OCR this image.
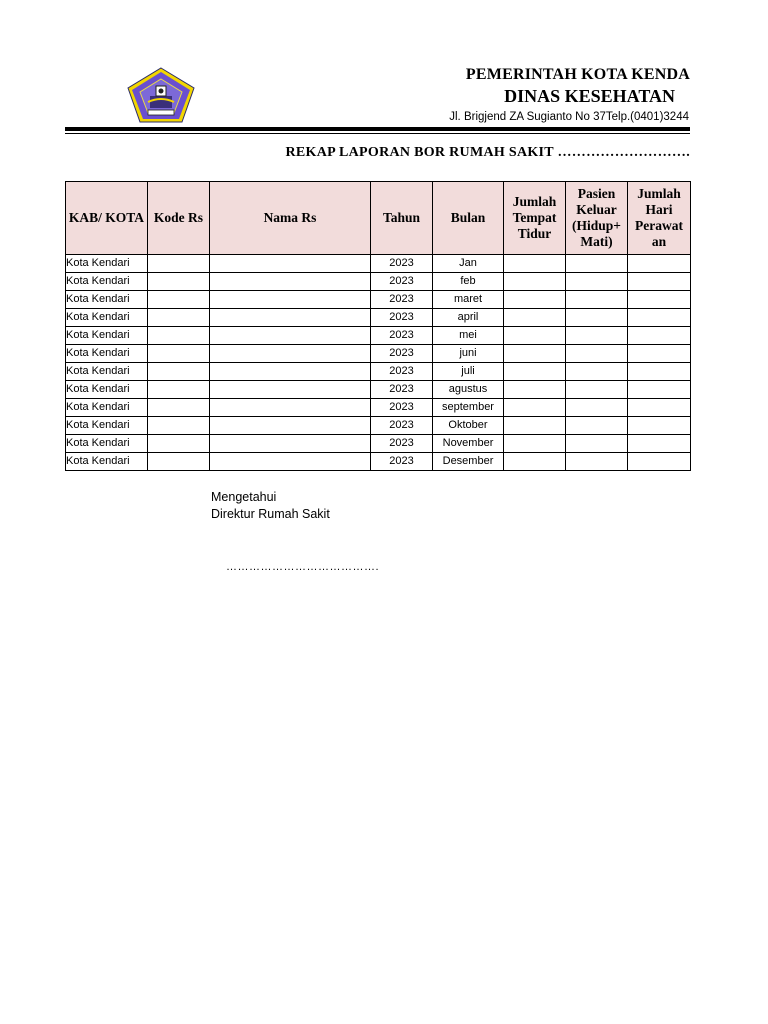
PEMERINTAH KOTA KENDA
DINAS KESEHATAN
Jl. Brigjend ZA Sugianto No 37Telp.(0401)3244
REKAP LAPORAN BOR RUMAH SAKIT ……………………….
KAB/ KOTA	Kode Rs	Nama Rs	Tahun	Bulan	Jumlah Tempat Tidur	Pasien Keluar (Hidup+ Mati)	Jumlah Hari Perawat an
Kota Kendari			2023	Jan			
Kota Kendari			2023	feb			
Kota Kendari			2023	maret			
Kota Kendari			2023	april			
Kota Kendari			2023	mei			
Kota Kendari			2023	juni			
Kota Kendari			2023	juli			
Kota Kendari			2023	agustus			
Kota Kendari			2023	september			
Kota Kendari			2023	Oktober			
Kota Kendari			2023	November			
Kota Kendari			2023	Desember			
Mengetahui
Direktur Rumah Sakit
………………………………….
